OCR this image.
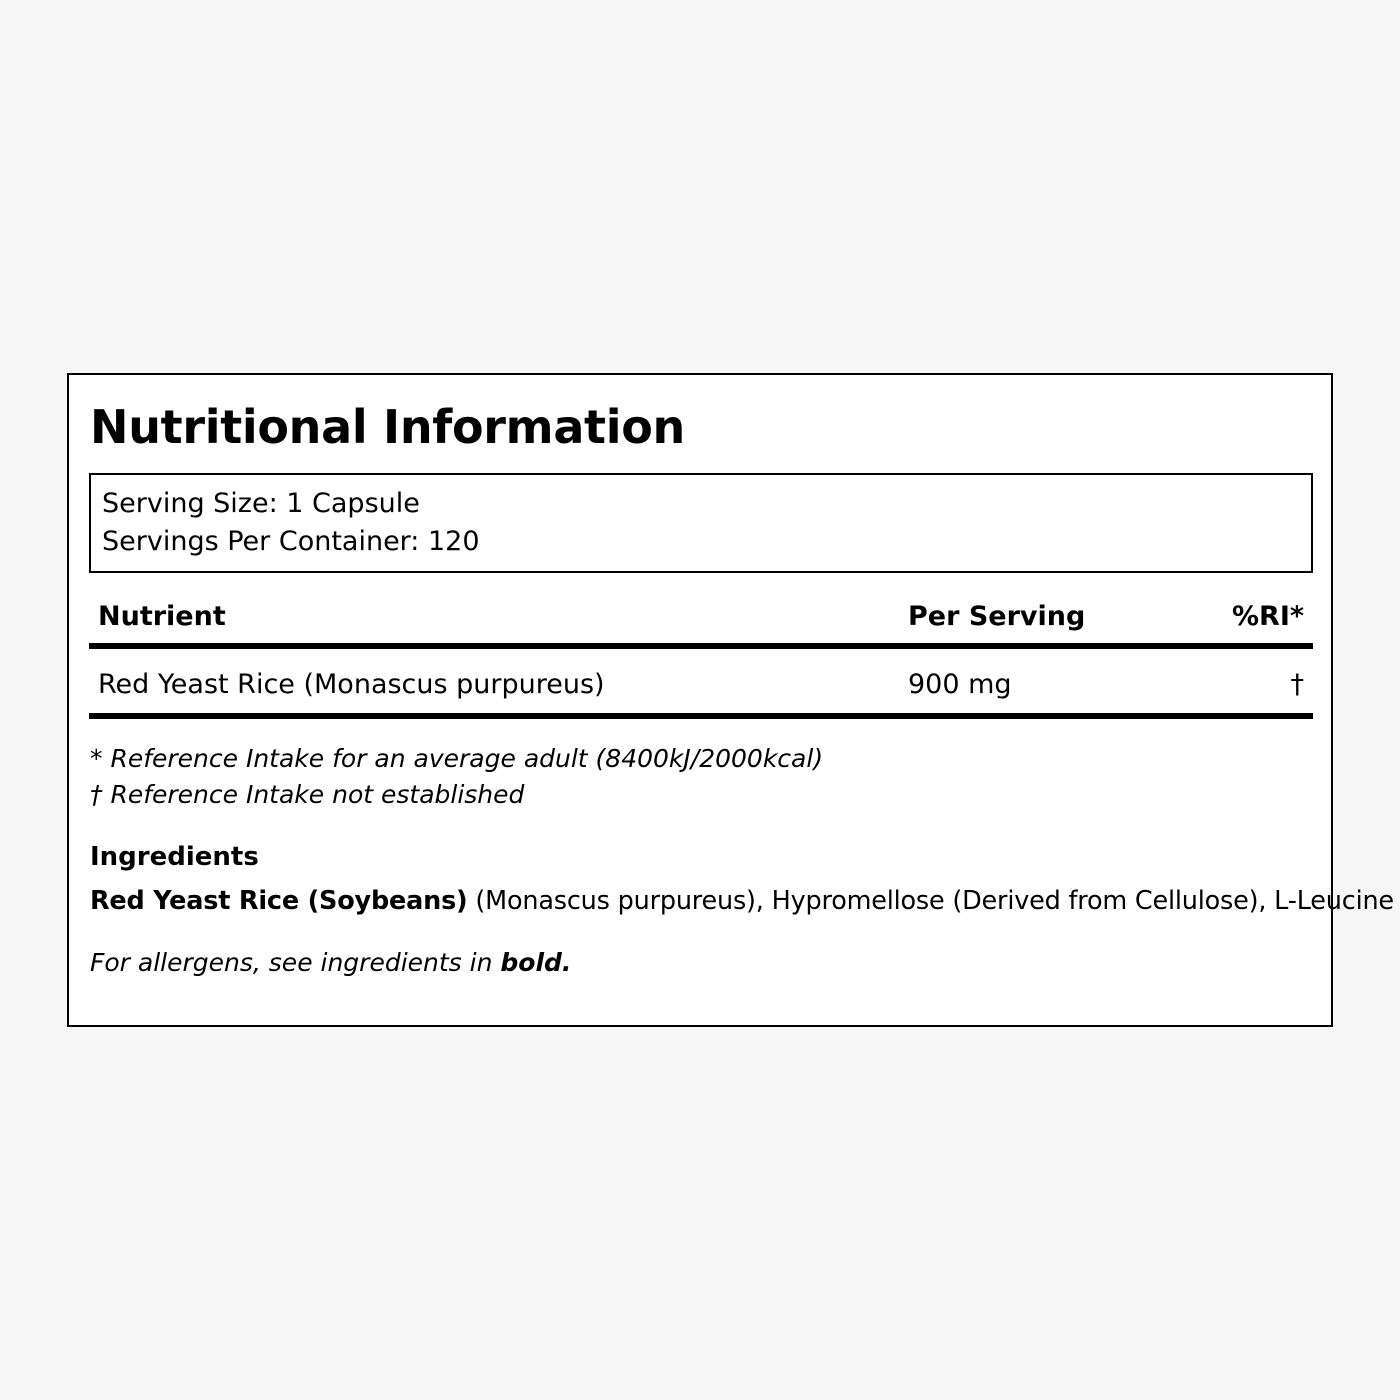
Nutritional Information
Serving Size: 1 Capsule
Servings Per Container: 120
Nutrient	Per Serving	%RI*
Red Yeast Rice (Monascus purpureus)	900 mg	†
* Reference Intake for an average adult (8400kJ/2000kcal)
† Reference Intake not established
Ingredients
Red Yeast Rice (Soybeans) (Monascus purpureus), Hypromellose (Derived from Cellulose), L-Leucine
For allergens, see ingredients in bold.
